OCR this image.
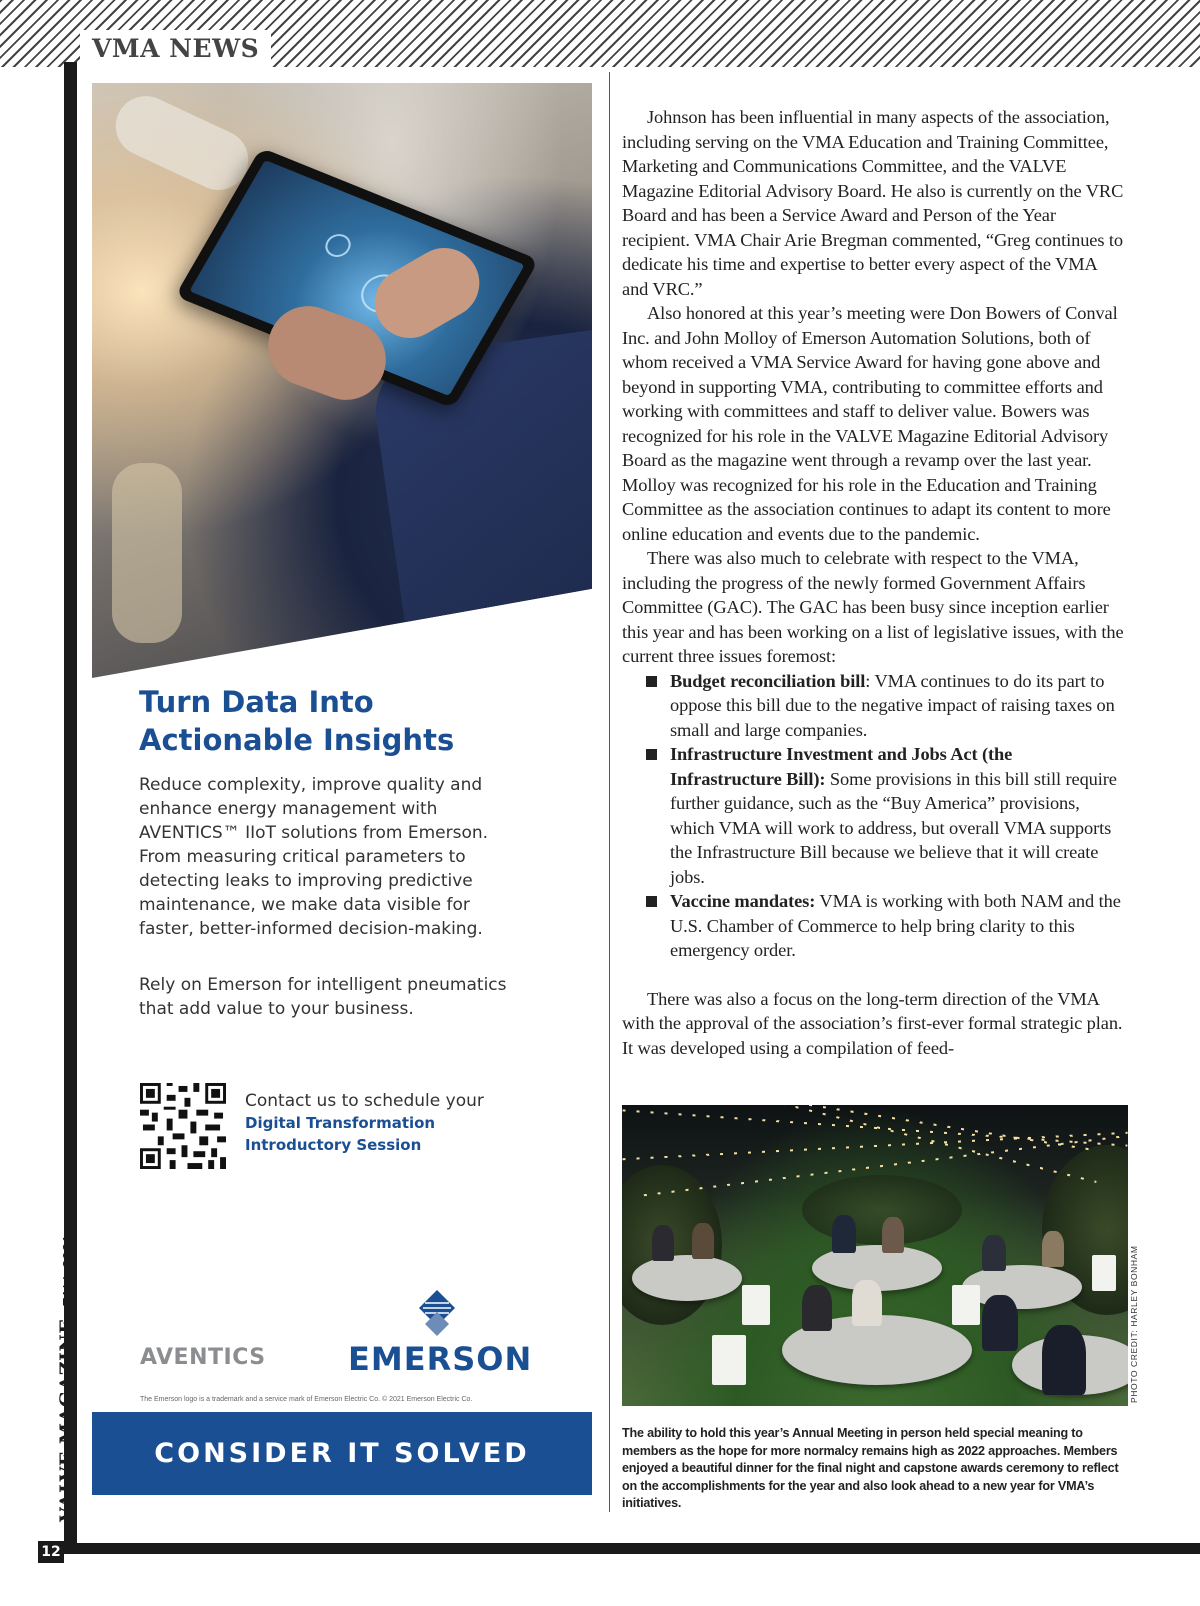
VMA NEWS
12
VALVE MAGAZINEFALL 2021
Turn Data Into
Actionable Insights
Reduce complexity, improve quality and enhance energy management with AVENTICS™ IIoT solutions from Emerson. From measuring critical parameters to detecting leaks to improving predictive maintenance, we make data visible for faster, better-informed decision-making.
Rely on Emerson for intelligent pneumatics that add value to your business.
Contact us to schedule your
Digital Transformation
Introductory Session
AVENTICS	EMERSON
The Emerson logo is a trademark and a service mark of Emerson Electric Co. © 2021 Emerson Electric Co.
CONSIDER IT SOLVED

Johnson has been influential in many aspects of the association, including serving on the VMA Education and Training Committee, Marketing and Communications Committee, and the VALVE Magazine Editorial Advisory Board. He also is currently on the VRC Board and has been a Service Award and Person of the Year recipient. VMA Chair Arie Bregman commented, “Greg continues to dedicate his time and expertise to better every aspect of the VMA and VRC.”

Also honored at this year’s meeting were Don Bowers of Conval Inc. and John Molloy of Emerson Automation Solutions, both of whom received a VMA Service Award for having gone above and beyond in supporting VMA, contributing to committee efforts and working with committees and staff to deliver value. Bowers was recognized for his role in the VALVE Magazine Editorial Advisory Board as the magazine went through a revamp over the last year. Molloy was recognized for his role in the Education and Training Committee as the association continues to adapt its content to more online education and events due to the pandemic.

There was also much to celebrate with respect to the VMA, including the progress of the newly formed Government Affairs Committee (GAC). The GAC has been busy since inception earlier this year and has been working on a list of legislative issues, with the current three issues foremost:

Budget reconciliation bill: VMA continues to do its part to oppose this bill due to the negative impact of raising taxes on small and large companies.
Infrastructure Investment and Jobs Act (the Infrastructure Bill): Some provisions in this bill still require further guidance, such as the “Buy America” provisions, which VMA will work to address, but overall VMA supports the Infrastructure Bill because we believe that it will create jobs.
Vaccine mandates: VMA is working with both NAM and the U.S. Chamber of Commerce to help bring clarity to this emergency order.

There was also a focus on the long-term direction of the VMA with the approval of the association’s first-ever formal strategic plan. It was developed using a compilation of feed-

PHOTO CREDIT: HARLEY BONHAM
The ability to hold this year’s Annual Meeting in person held special meaning to members as the hope for more normalcy remains high as 2022 approaches. Members enjoyed a beautiful dinner for the final night and capstone awards ceremony to reflect on the accomplishments for the year and also look ahead to a new year for VMA’s initiatives.
